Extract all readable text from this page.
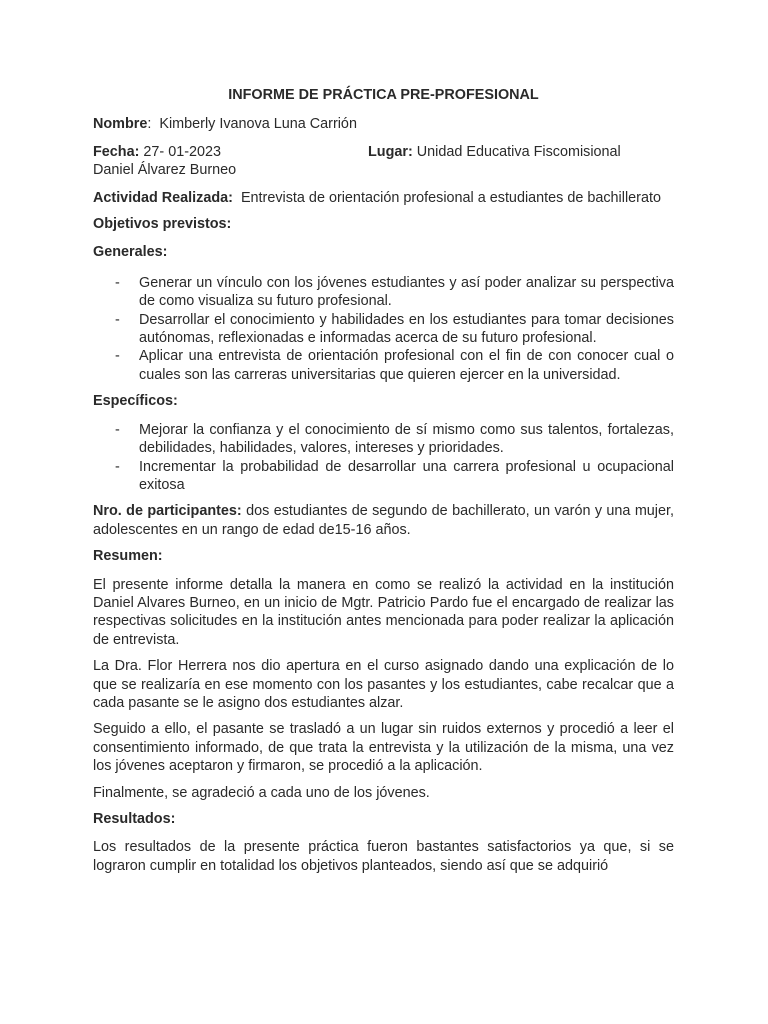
INFORME DE PRÁCTICA PRE-PROFESIONAL

Nombre: Kimberly Ivanova Luna Carrión

Fecha: 27- 01-2023	Lugar: Unidad Educativa Fiscomisional

Daniel Álvarez Burneo

Actividad Realizada: Entrevista de orientación profesional a estudiantes de bachillerato

Objetivos previstos:
Generales:
- Generar un vínculo con los jóvenes estudiantes y así poder analizar su perspectiva de como visualiza su futuro profesional.
- Desarrollar el conocimiento y habilidades en los estudiantes para tomar decisiones autónomas, reflexionadas e informadas acerca de su futuro profesional.
- Aplicar una entrevista de orientación profesional con el fin de con conocer cual o cuales son las carreras universitarias que quieren ejercer en la universidad.
Específicos:
- Mejorar la confianza y el conocimiento de sí mismo como sus talentos, fortalezas, debilidades, habilidades, valores, intereses y prioridades.
- Incrementar la probabilidad de desarrollar una carrera profesional u ocupacional exitosa

Nro. de participantes: dos estudiantes de segundo de bachillerato, un varón y una mujer, adolescentes en un rango de edad de15-16 años.

Resumen:

El presente informe detalla la manera en como se realizó la actividad en la institución Daniel Alvares Burneo, en un inicio de Mgtr. Patricio Pardo fue el encargado de realizar las respectivas solicitudes en la institución antes mencionada para poder realizar la aplicación de entrevista.

La Dra. Flor Herrera nos dio apertura en el curso asignado dando una explicación de lo que se realizaría en ese momento con los pasantes y los estudiantes, cabe recalcar que a cada pasante se le asigno dos estudiantes alzar.

Seguido a ello, el pasante se trasladó a un lugar sin ruidos externos y procedió a leer el consentimiento informado, de que trata la entrevista y la utilización de la misma, una vez los jóvenes aceptaron y firmaron, se procedió a la aplicación.

Finalmente, se agradeció a cada uno de los jóvenes.

Resultados:

Los resultados de la presente práctica fueron bastantes satisfactorios ya que, si se lograron cumplir en totalidad los objetivos planteados, siendo así que se adquirió
